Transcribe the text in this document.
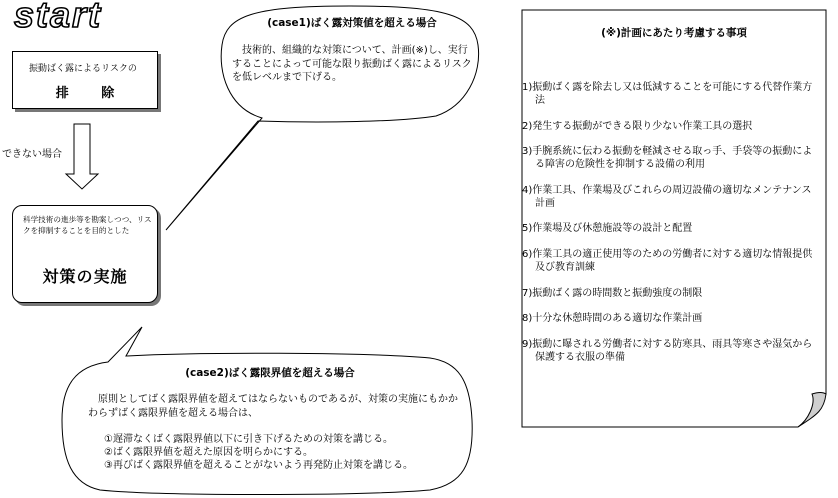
start
振動ばく露によるリスクの
排 除
できない場合
科学技術の進歩等を勘案しつつ、リスクを抑制することを目的とした
対策の実施
(case1)ばく露対策値を超える場合
技術的、組織的な対策について、計画(※)し、実行することによって可能な限り振動ばく露によるリスクを低レベルまで下げる。
(case2)ばく露限界値を超える場合
原則としてばく露限界値を超えてはならないものであるが、対策の実施にもかかわらずばく露限界値を超える場合は、
①遅滞なくばく露限界値以下に引き下げるための対策を講じる。
②ばく露限界値を超えた原因を明らかにする。
③再びばく露限界値を超えることがないよう再発防止対策を講じる。
(※)計画にあたり考慮する事項
1)振動ばく露を除去し又は低減することを可能にする代替作業方法
2)発生する振動ができる限り少ない作業工具の選択
3)手腕系統に伝わる振動を軽減させる取っ手、手袋等の振動による障害の危険性を抑制する設備の利用
4)作業工具、作業場及びこれらの周辺設備の適切なメンテナンス計画
5)作業場及び休憩施設等の設計と配置
6)作業工具の適正使用等のための労働者に対する適切な情報提供及び教育訓練
7)振動ばく露の時間数と振動強度の制限
8)十分な休憩時間のある適切な作業計画
9)振動に曝される労働者に対する防寒具、雨具等寒さや湿気から保護する衣服の準備
